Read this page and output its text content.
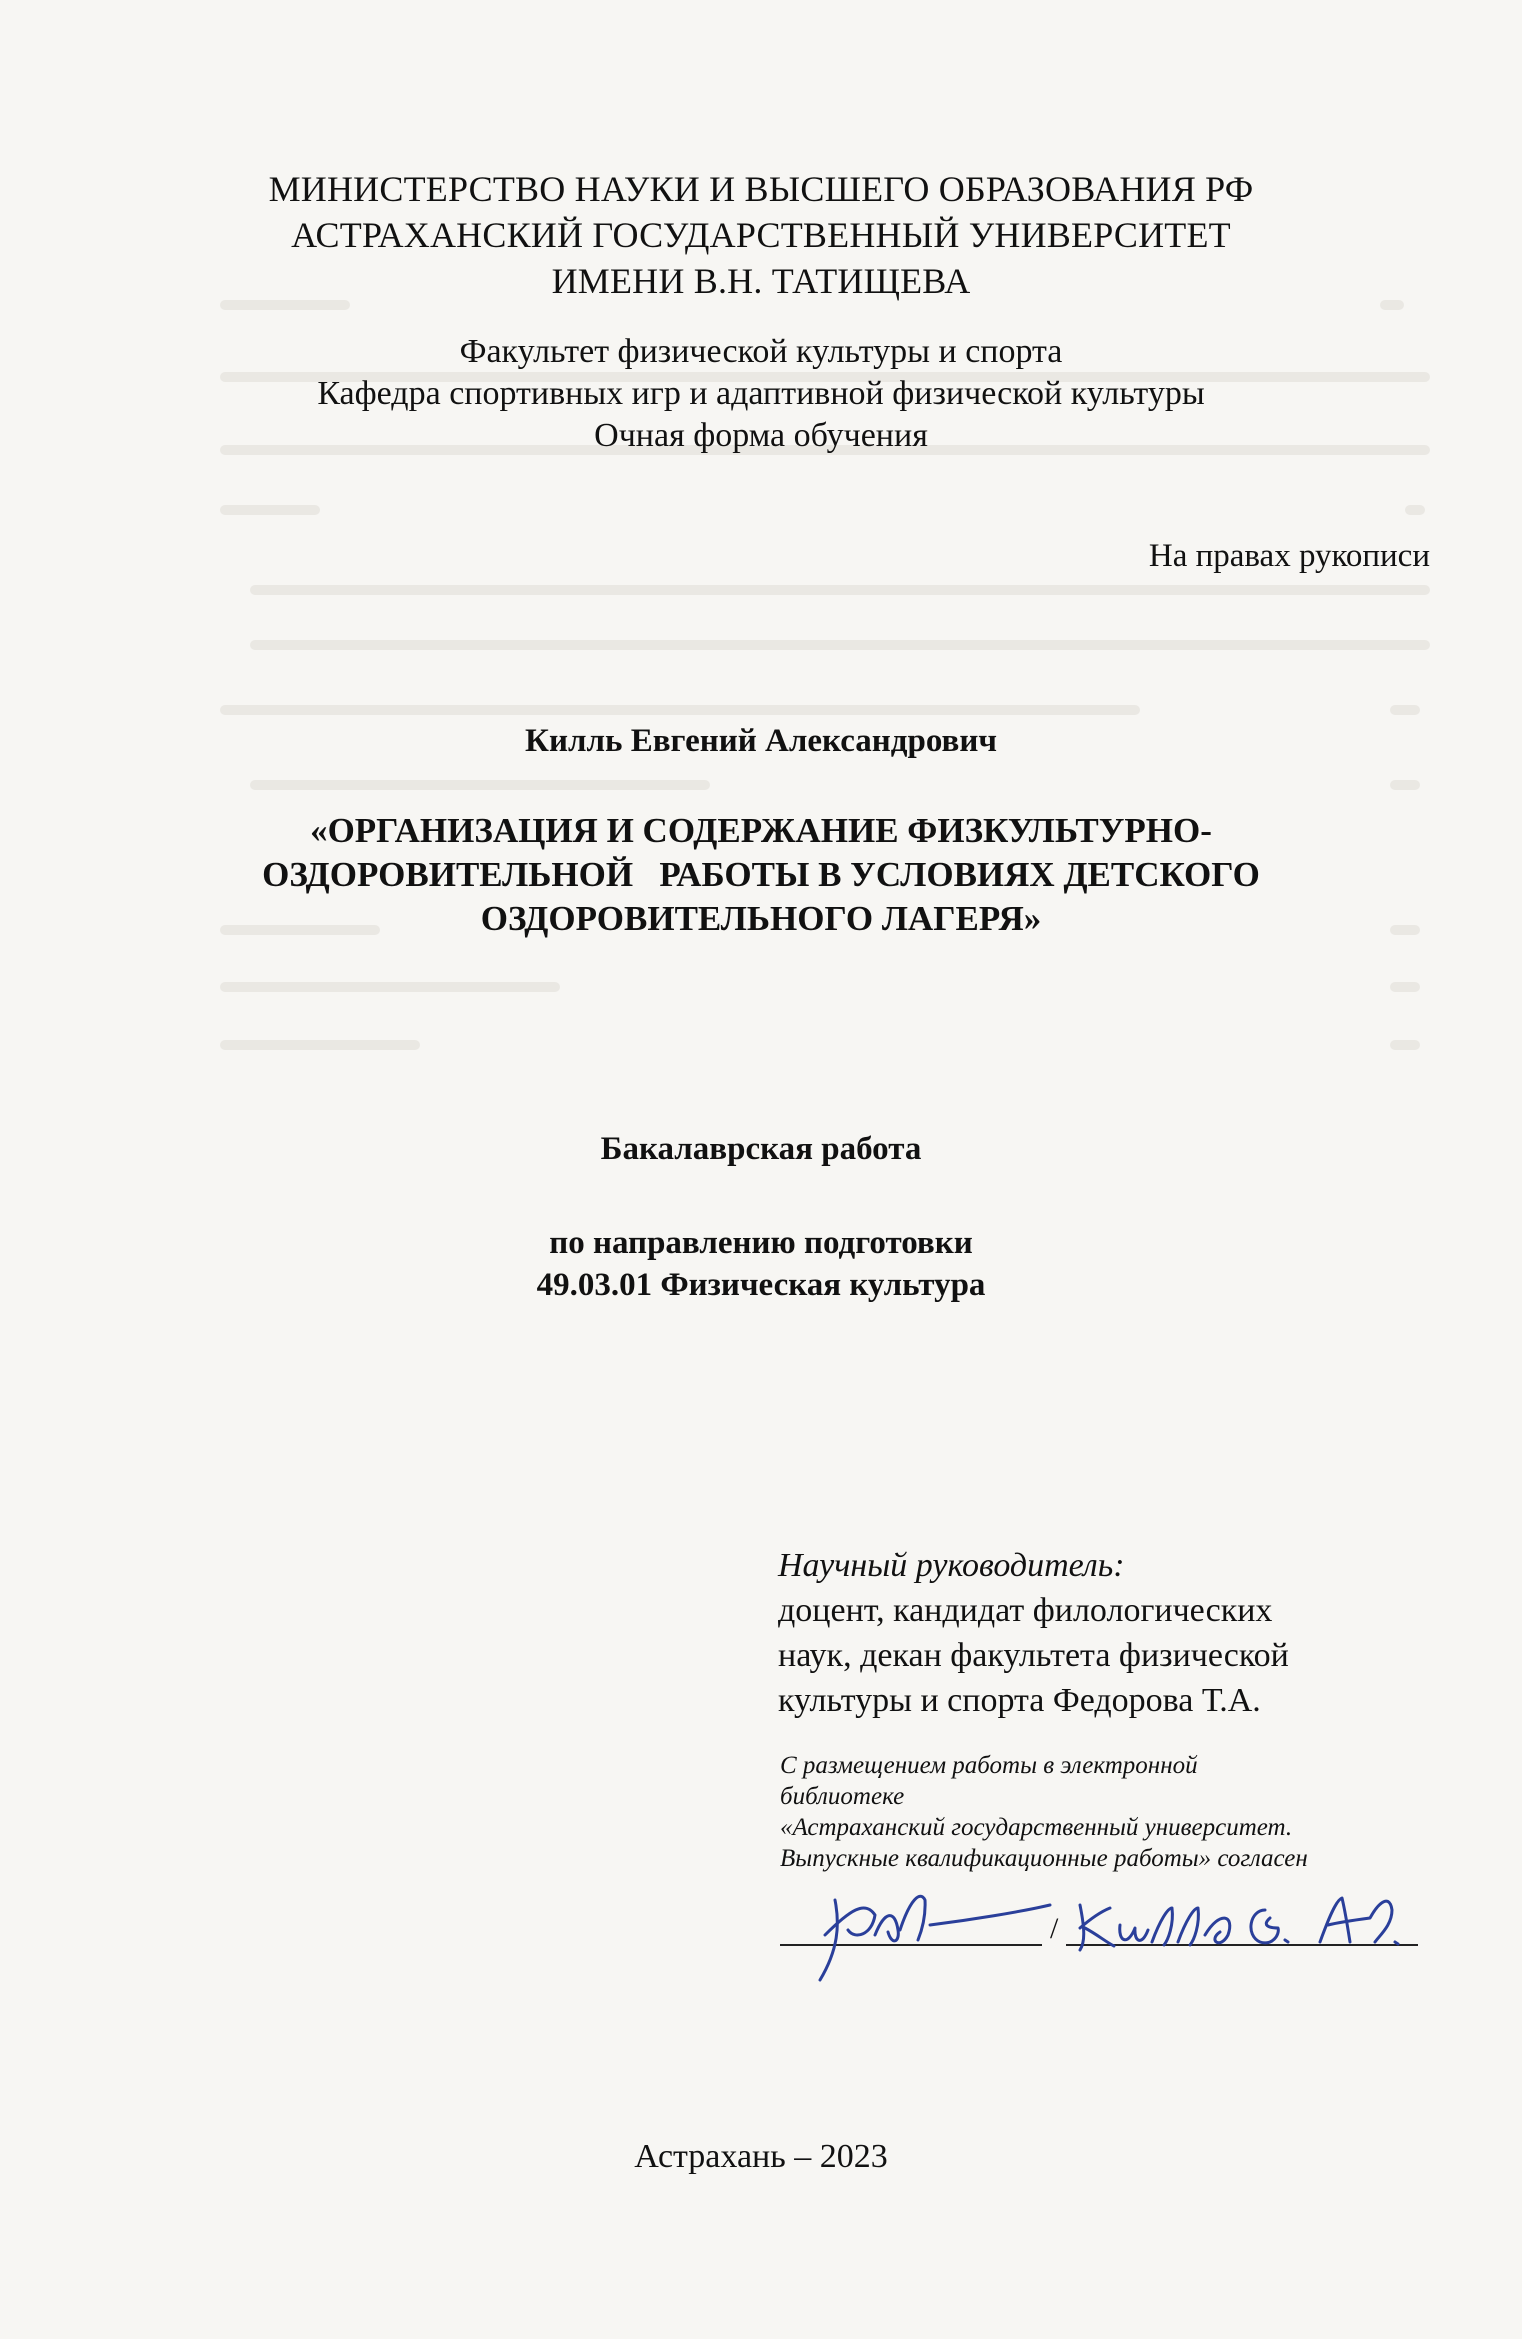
МИНИСТЕРСТВО НАУКИ И ВЫСШЕГО ОБРАЗОВАНИЯ РФ
АСТРАХАНСКИЙ ГОСУДАРСТВЕННЫЙ УНИВЕРСИТЕТ
ИМЕНИ В.Н. ТАТИЩЕВА
Факультет физической культуры и спорта
Кафедра спортивных игр и адаптивной физической культуры
Очная форма обучения
На правах рукописи
Килль Евгений Александрович
«ОРГАНИЗАЦИЯ И СОДЕРЖАНИЕ ФИЗКУЛЬТУРНО-
ОЗДОРОВИТЕЛЬНОЙ   РАБОТЫ В УСЛОВИЯХ ДЕТСКОГО
ОЗДОРОВИТЕЛЬНОГО ЛАГЕРЯ»
Бакалаврская работа
по направлению подготовки
49.03.01 Физическая культура
Научный руководитель:
доцент, кандидат филологических
наук, декан факультета физической
культуры и спорта Федорова Т.А.
С размещением работы в электронной
библиотеке
«Астраханский государственный университет.
Выпускные квалификационные работы» согласен
/
Астрахань – 2023
